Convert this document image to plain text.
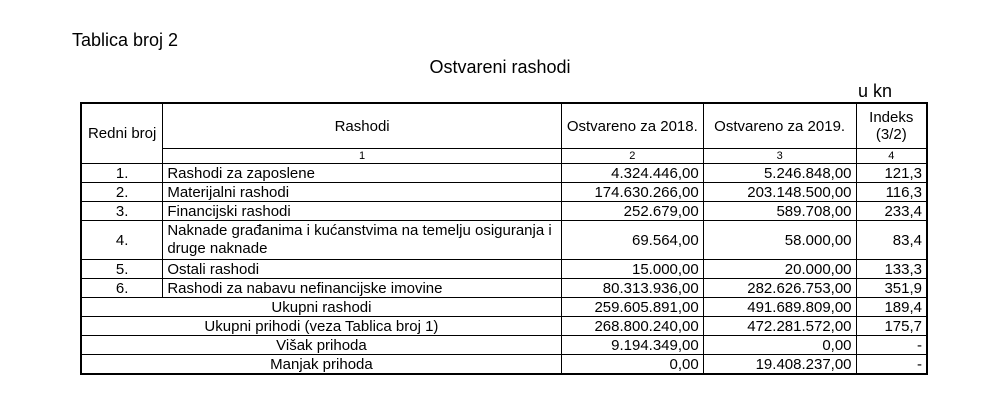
Tablica broj 2
Ostvareni rashodi
u kn
Redni broj	Rashodi	Ostvareno za 2018.	Ostvareno za 2019.	Indeks (3/2)
	1	2	3	4
1.	Rashodi za zaposlene	4.324.446,00	5.246.848,00	121,3
2.	Materijalni rashodi	174.630.266,00	203.148.500,00	116,3
3.	Financijski rashodi	252.679,00	589.708,00	233,4
4.	Naknade građanima i kućanstvima na temelju osiguranja i druge naknade	69.564,00	58.000,00	83,4
5.	Ostali rashodi	15.000,00	20.000,00	133,3
6.	Rashodi za nabavu nefinancijske imovine	80.313.936,00	282.626.753,00	351,9
Ukupni rashodi		259.605.891,00	491.689.809,00	189,4
Ukupni prihodi (veza Tablica broj 1)		268.800.240,00	472.281.572,00	175,7
Višak prihoda		9.194.349,00	0,00	-
Manjak prihoda		0,00	19.408.237,00	-
